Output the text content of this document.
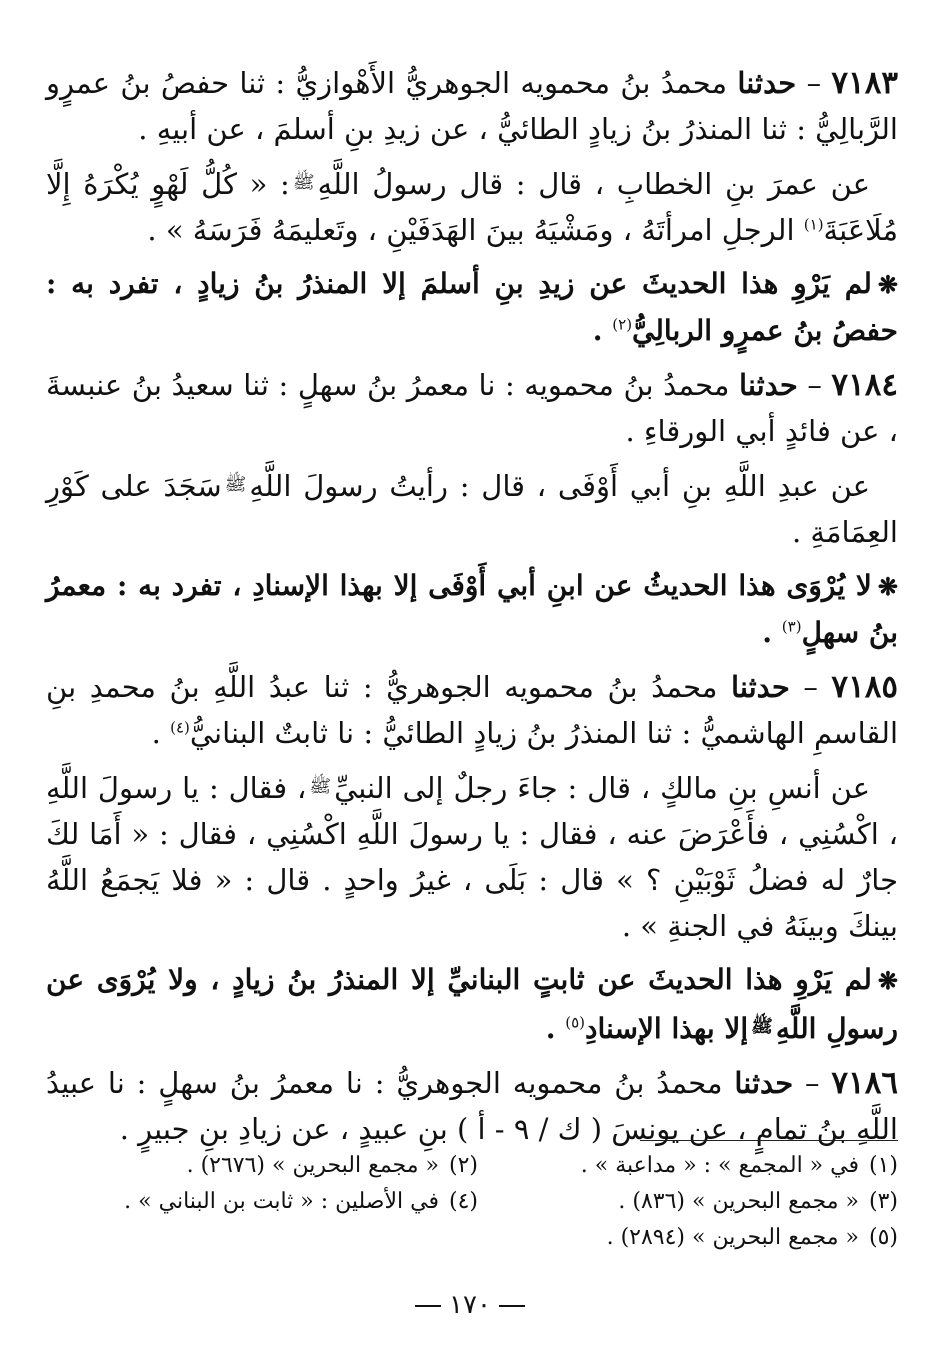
٧١٨٣ – حدثنا محمدُ بنُ محمويه الجوهريُّ الأَهْوازيُّ : ثنا حفصُ بنُ عمرٍو الرَّبالِيُّ : ثنا المنذرُ بنُ زيادٍ الطائيُّ ، عن زيدِ بنِ أسلمَ ، عن أبيهِ .

عن عمرَ بنِ الخطابِ ، قال : قال رسولُ اللَّهِ$^ﷺ$: « كُلُّ لَهْوٍ يُكْرَهُ إِلَّا مُلَاعَبَةَ$^{(١)}$ الرجلِ امرأتَهُ ، ومَشْيَهُ بينَ الهَدَفَيْنِ ، وتَعليمَهُ فَرَسَهُ » .

❋لم يَرْوِ هذا الحديثَ عن زيدِ بنِ أسلمَ إلا المنذرُ بنُ زيادٍ ، تفرد به : حفصُ بنُ عمرٍو الربالِيُّ$^{(٢)}$ .

٧١٨٤ – حدثنا محمدُ بنُ محمويه : نا معمرُ بنُ سهلٍ : ثنا سعيدُ بنُ عنبسةَ ، عن فائدٍ أبي الورقاءِ .

عن عبدِ اللَّهِ بنِ أبي أَوْفَى ، قال : رأيتُ رسولَ اللَّهِ$^ﷺ$سَجَدَ على كَوْرِ العِمَامَةِ .

❋لا يُرْوَى هذا الحديثُ عن ابنِ أبي أَوْفَى إلا بهذا الإسنادِ ، تفرد به : معمرُ بنُ سهلٍ$^{(٣)}$ .

٧١٨٥ – حدثنا محمدُ بنُ محمويه الجوهريُّ : ثنا عبدُ اللَّهِ بنُ محمدِ بنِ القاسمِ الهاشميُّ : ثنا المنذرُ بنُ زيادٍ الطائيُّ : نا ثابتٌ البنانيُّ$^{(٤)}$ .

عن أنسِ بنِ مالكٍ ، قال : جاءَ رجلٌ إلى النبيِّ$^ﷺ$، فقال : يا رسولَ اللَّهِ ، اكْسُنِي ، فأَعْرَضَ عنه ، فقال : يا رسولَ اللَّهِ اكْسُنِي ، فقال : « أَمَا لكَ جارٌ له فضلُ ثَوْبَيْنِ ؟ » قال : بَلَى ، غيرُ واحدٍ . قال : « فلا يَجمَعُ اللَّهُ بينكَ وبينَهُ في الجنةِ » .

❋لم يَرْوِ هذا الحديثَ عن ثابتٍ البنانيِّ إلا المنذرُ بنُ زيادٍ ، ولا يُرْوَى عن رسولِ اللَّهِ$^ﷺ$إلا بهذا الإسنادِ$^{(٥)}$ .

٧١٨٦ – حدثنا محمدُ بنُ محمويه الجوهريُّ : نا معمرُ بنُ سهلٍ : نا عبيدُ اللَّهِ بنُ تمامٍ ، عن يونسَ ( ك / ٩ - أ ) بنِ عبيدٍ ، عن زيادِ بنِ جبيرٍ .

(١)في « المجمع » : « مداعبة » .
(٢)« مجمع البحرين » (٢٦٧٦) .
(٣)« مجمع البحرين » (٨٣٦) .
(٤)في الأصلين : « ثابت بن البناني » .
(٥)« مجمع البحرين » (٢٨٩٤) .
١٧٠
